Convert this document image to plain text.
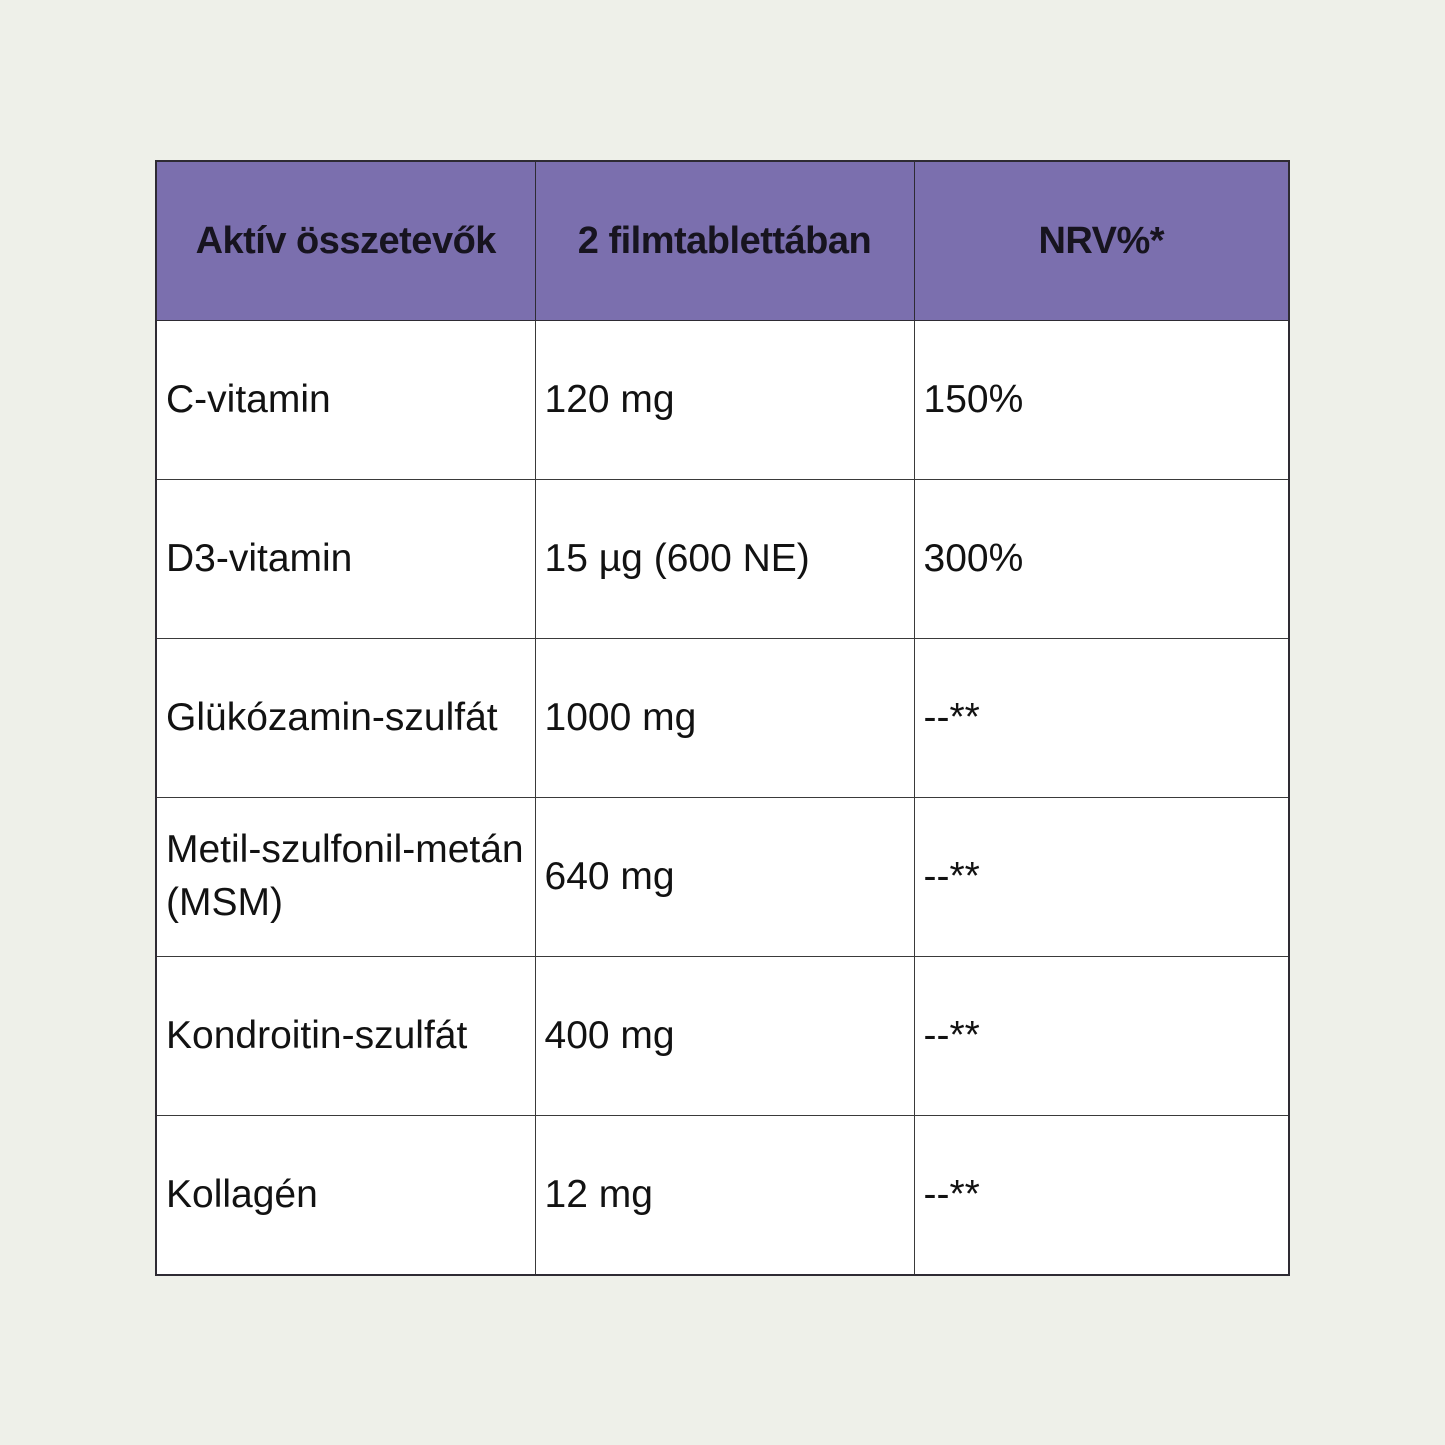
Aktív összetevők	2 filmtablettában	NRV%*
C-vitamin	120 mg	150%
D3-vitamin	15 µg (600 NE)	300%
Glükózamin-szulfát	1000 mg	--**
Metil-szulfonil-metán (MSM)	640 mg	--**
Kondroitin-szulfát	400 mg	--**
Kollagén	12 mg	--**
